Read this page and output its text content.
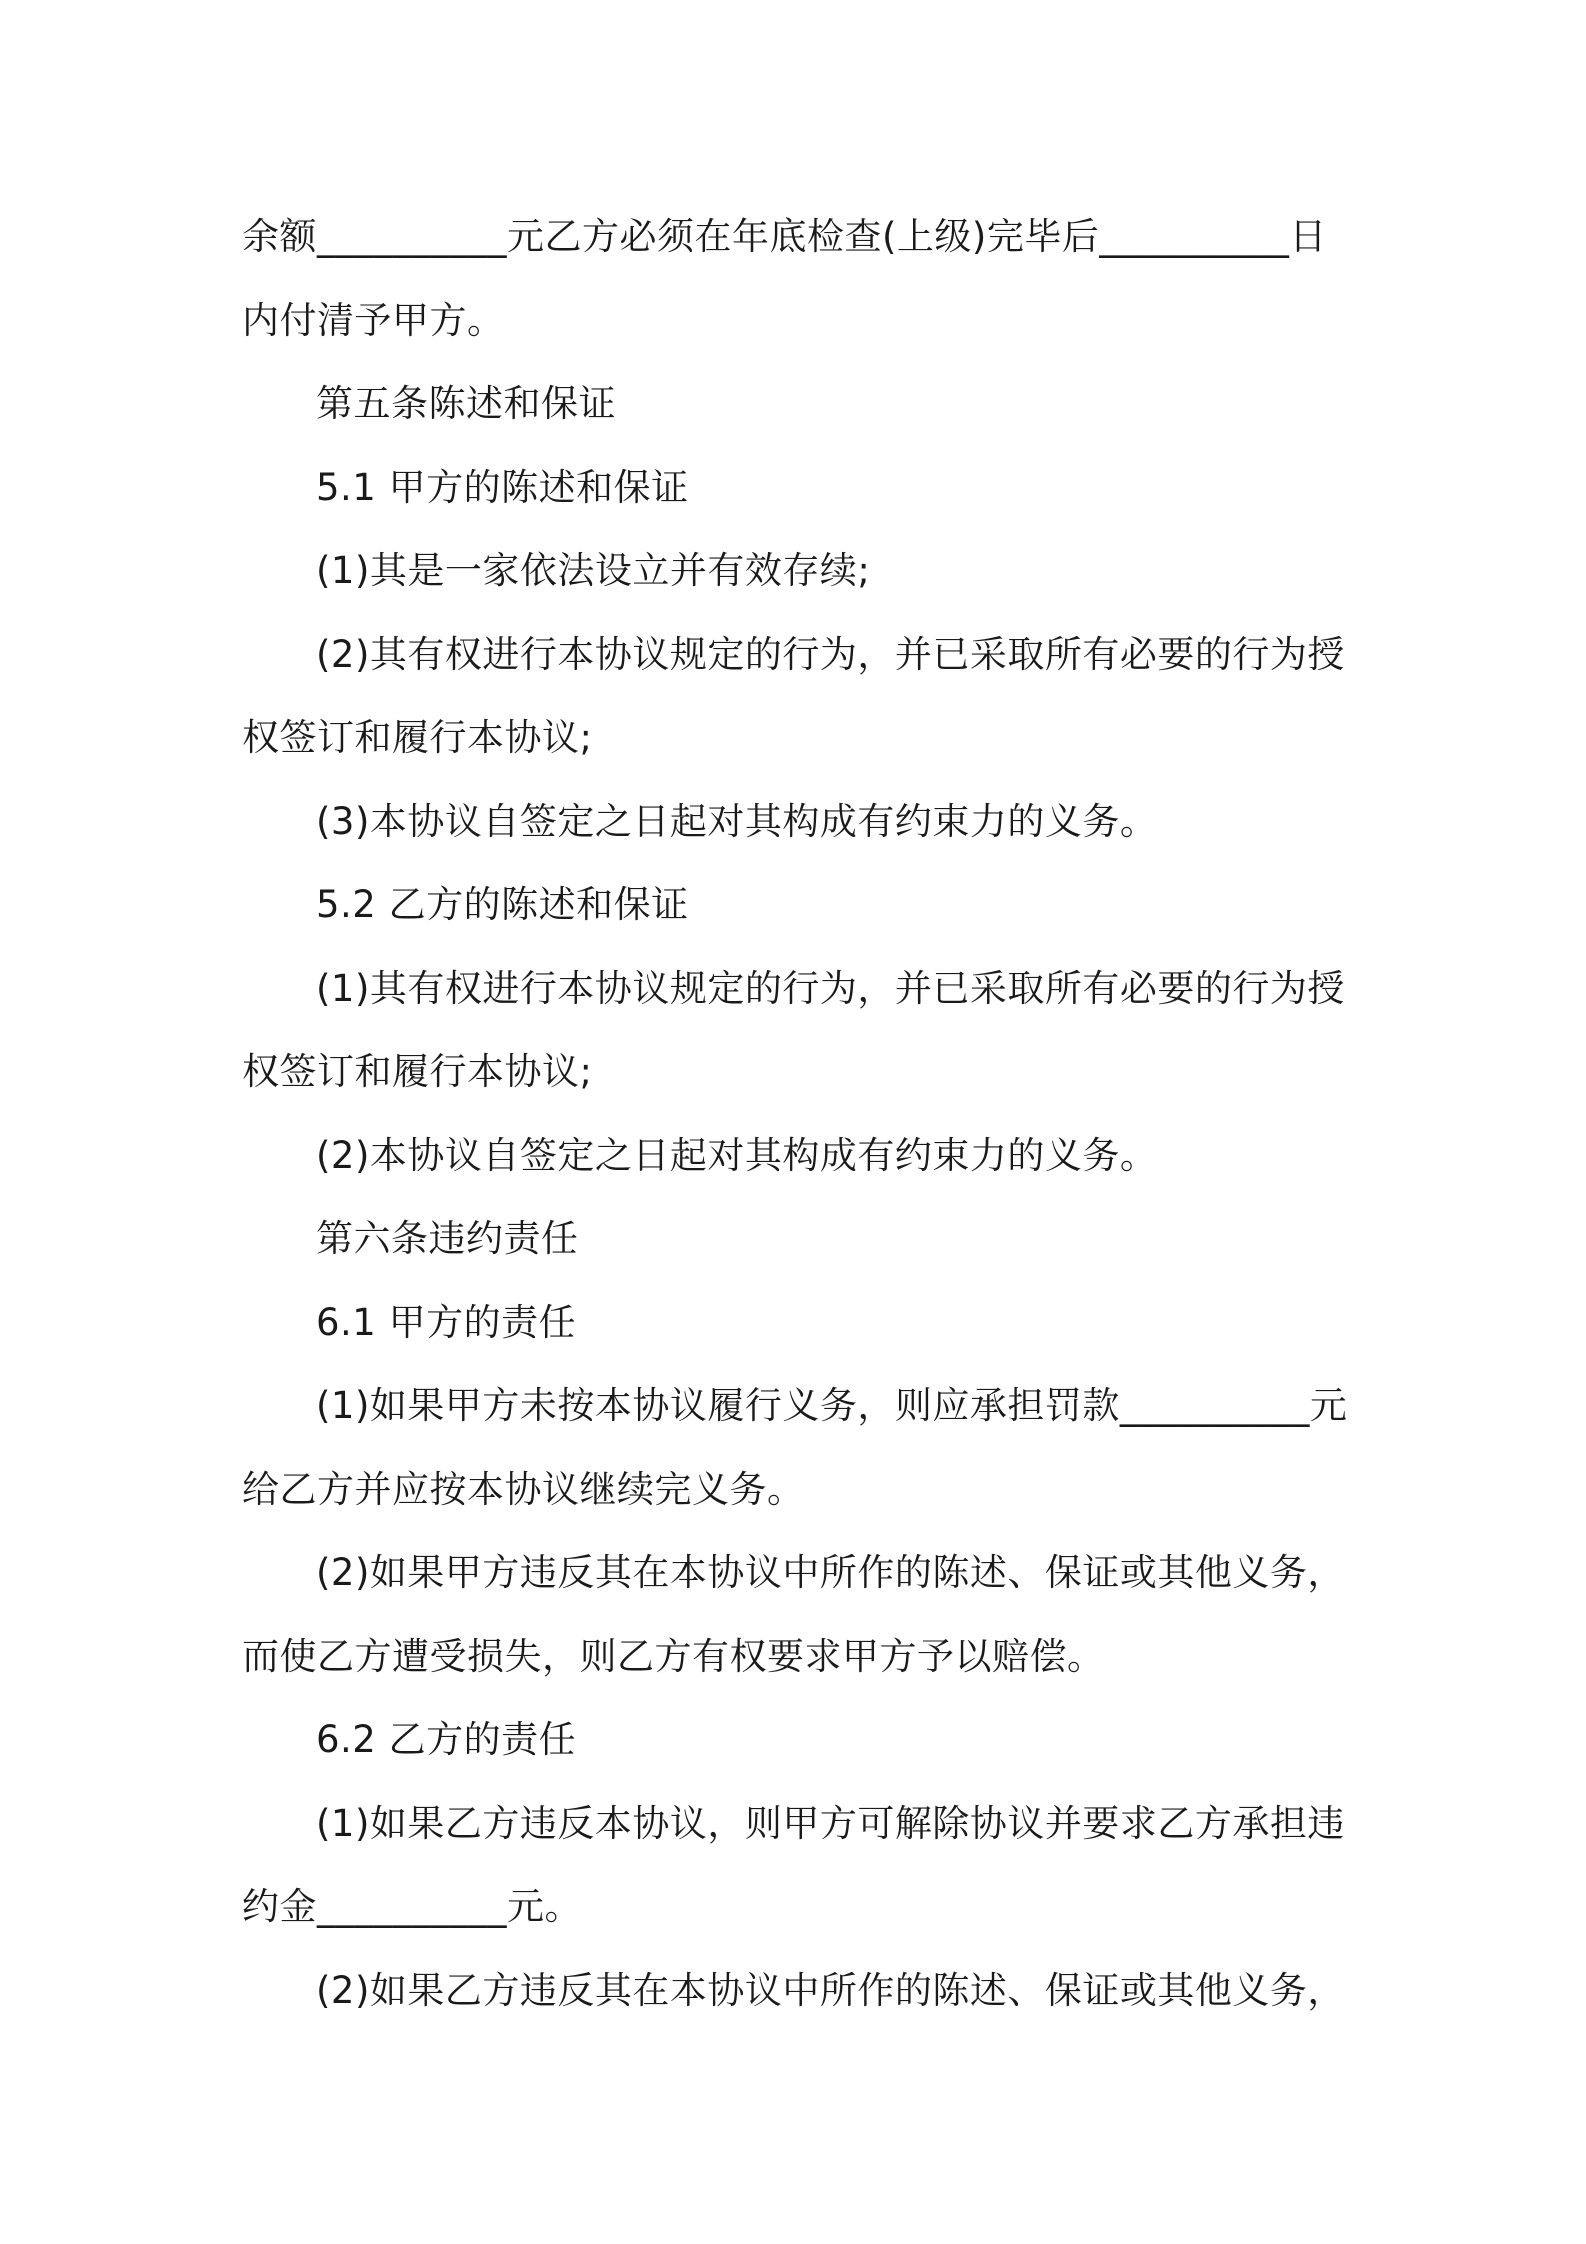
余额__________元乙方必须在年底检查(上级)完毕后__________日
内付清予甲方。

第五条陈述和保证

5.1 甲方的陈述和保证

(1)其是一家依法设立并有效存续;

(2)其有权进行本协议规定的行为，并已采取所有必要的行为授
权签订和履行本协议;

(3)本协议自签定之日起对其构成有约束力的义务。

5.2 乙方的陈述和保证

(1)其有权进行本协议规定的行为，并已采取所有必要的行为授
权签订和履行本协议;

(2)本协议自签定之日起对其构成有约束力的义务。

第六条违约责任

6.1 甲方的责任

(1)如果甲方未按本协议履行义务，则应承担罚款__________元
给乙方并应按本协议继续完义务。

(2)如果甲方违反其在本协议中所作的陈述、保证或其他义务，
而使乙方遭受损失，则乙方有权要求甲方予以赔偿。

6.2 乙方的责任

(1)如果乙方违反本协议，则甲方可解除协议并要求乙方承担违
约金__________元。

(2)如果乙方违反其在本协议中所作的陈述、保证或其他义务，
